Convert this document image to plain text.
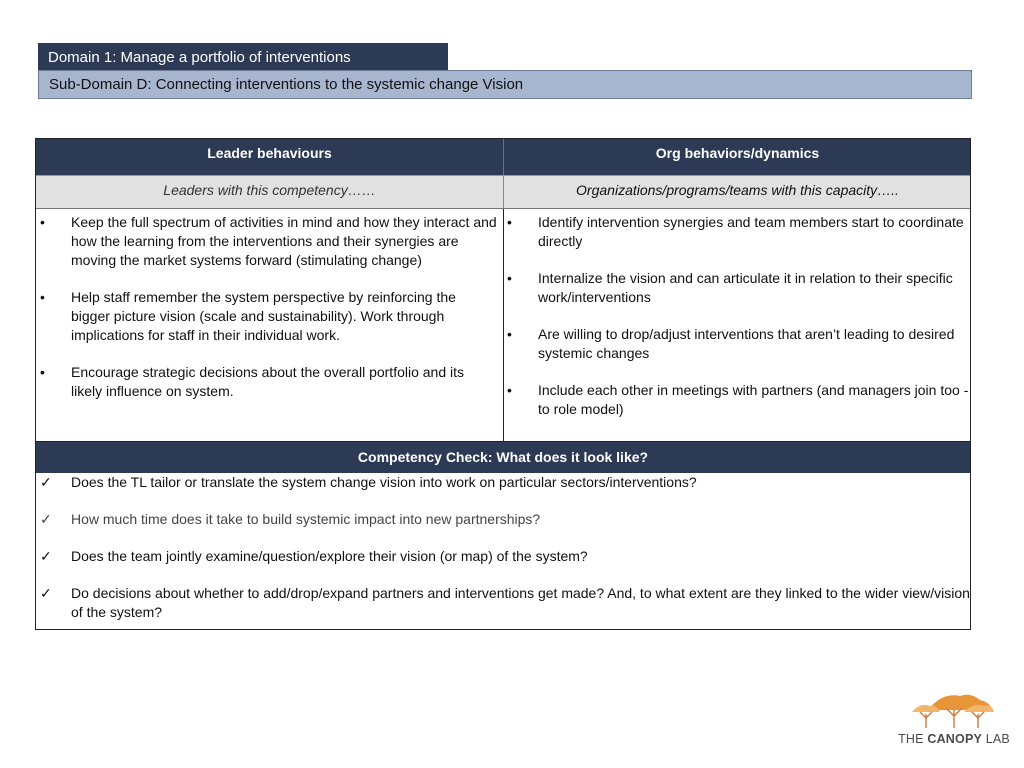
Domain 1: Manage a portfolio of interventions
Sub-Domain D: Connecting interventions to the systemic change Vision
Leader behaviours	Org behaviors/dynamics
Leaders with this competency……	Organizations/programs/teams with this capacity…..
• Keep the full spectrum of activities in mind and how they interact and how the learning from the interventions and their synergies are moving the market systems forward (stimulating change)
• Help staff remember the system perspective by reinforcing the bigger picture vision (scale and sustainability). Work through implications for staff in their individual work.
• Encourage strategic decisions about the overall portfolio and its likely influence on system.
• Identify intervention synergies and team members start to coordinate directly
• Internalize the vision and can articulate it in relation to their specific work/interventions
• Are willing to drop/adjust interventions that aren’t leading to desired systemic changes
• Include each other in meetings with partners (and managers join too - to role model)
Competency Check: What does it look like?
✓ Does the TL tailor or translate the system change vision into work on particular sectors/interventions?
✓ How much time does it take to build systemic impact into new partnerships?
✓ Does the team jointly examine/question/explore their vision (or map) of the system?
✓ Do decisions about whether to add/drop/expand partners and interventions get made? And, to what extent are they linked to the wider view/vision of the system?
THE CANOPY LAB
